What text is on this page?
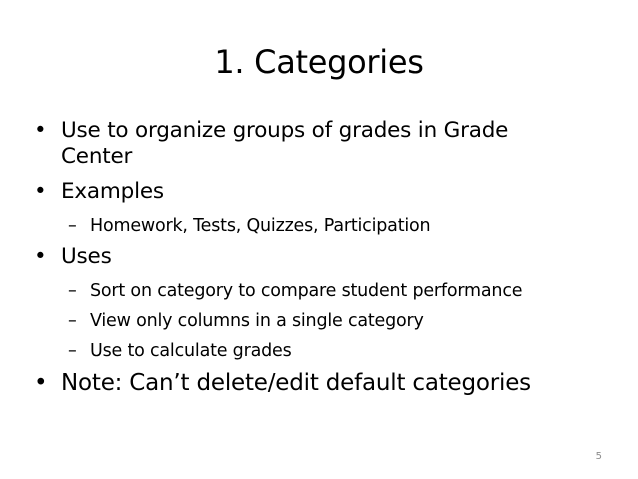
1. Categories
• Use to organize groups of grades in Grade Center
• Examples
– Homework, Tests, Quizzes, Participation
• Uses
– Sort on category to compare student performance
– View only columns in a single category
– Use to calculate grades
• Note: Can’t delete/edit default categories
5
